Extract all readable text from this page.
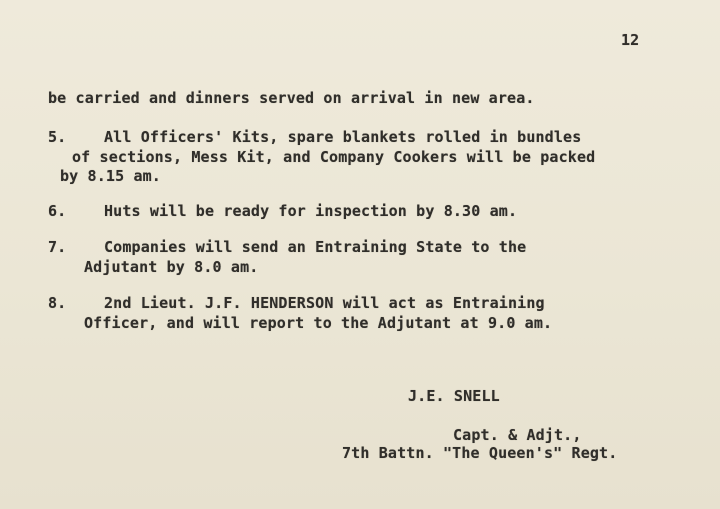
12
be carried and dinners served on arrival in new area.
5.	All Officers' Kits, spare blankets rolled in bundles
of sections, Mess Kit, and Company Cookers will be packed
by 8.15 am.
6.	Huts will be ready for inspection by 8.30 am.
7.	Companies will send an Entraining State to the
Adjutant by 8.0 am.
8.	2nd Lieut. J.F. HENDERSON will act as Entraining
Officer, and will report to the Adjutant at 9.0 am.
J.E. SNELL
Capt. & Adjt.,
7th Battn. "The Queen's" Regt.
